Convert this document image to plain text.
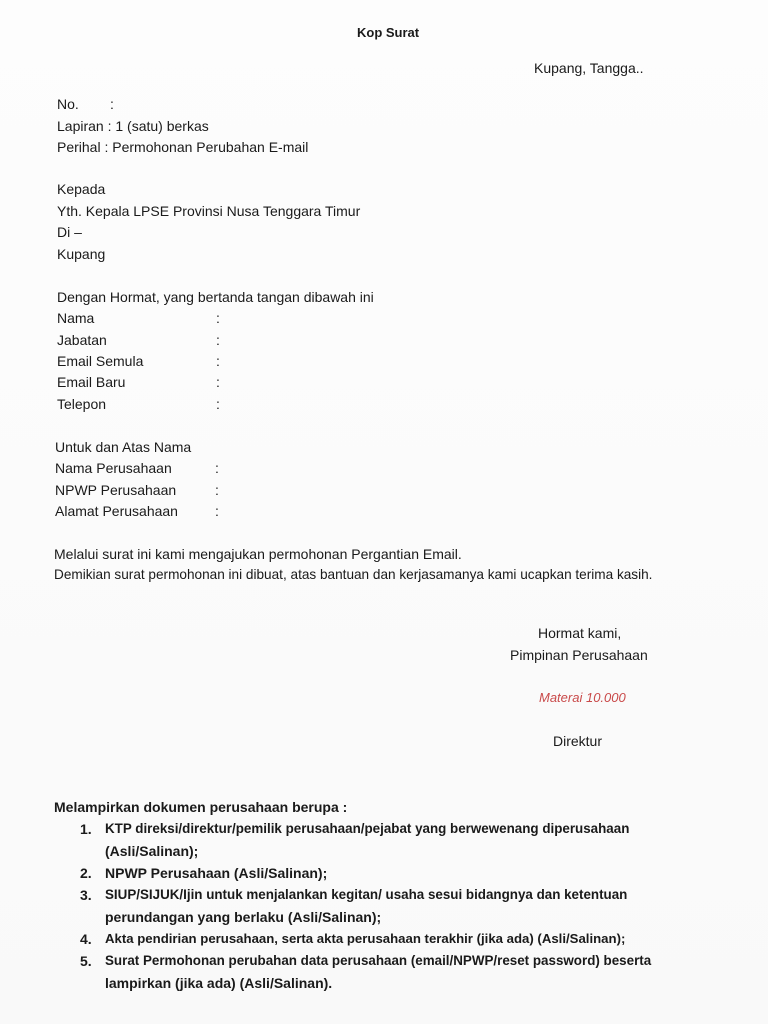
Kop Surat
Kupang, Tangga..
No. :
Lapiran : 1 (satu) berkas
Perihal : Permohonan Perubahan E-mail
Kepada
Yth. Kepala LPSE Provinsi Nusa Tenggara Timur
Di –
Kupang
Dengan Hormat, yang bertanda tangan dibawah ini
Nama	:
Jabatan	:
Email Semula	:
Email Baru	:
Telepon	:
Untuk dan Atas Nama
Nama Perusahaan	:
NPWP Perusahaan	:
Alamat Perusahaan	:
Melalui surat ini kami mengajukan permohonan Pergantian Email.
Demikian surat permohonan ini dibuat, atas bantuan dan kerjasamanya kami ucapkan terima kasih.
Hormat kami,
Pimpinan Perusahaan
Materai 10.000
Direktur
Melampirkan dokumen perusahaan berupa :
1. KTP direksi/direktur/pemilik perusahaan/pejabat yang berwewenang diperusahaan
(Asli/Salinan);
2. NPWP Perusahaan (Asli/Salinan);
3. SIUP/SIJUK/Ijin untuk menjalankan kegitan/ usaha sesui bidangnya dan ketentuan
perundangan yang berlaku (Asli/Salinan);
4. Akta pendirian perusahaan, serta akta perusahaan terakhir (jika ada) (Asli/Salinan);
5. Surat Permohonan perubahan data perusahaan (email/NPWP/reset password) beserta
lampirkan (jika ada) (Asli/Salinan).
